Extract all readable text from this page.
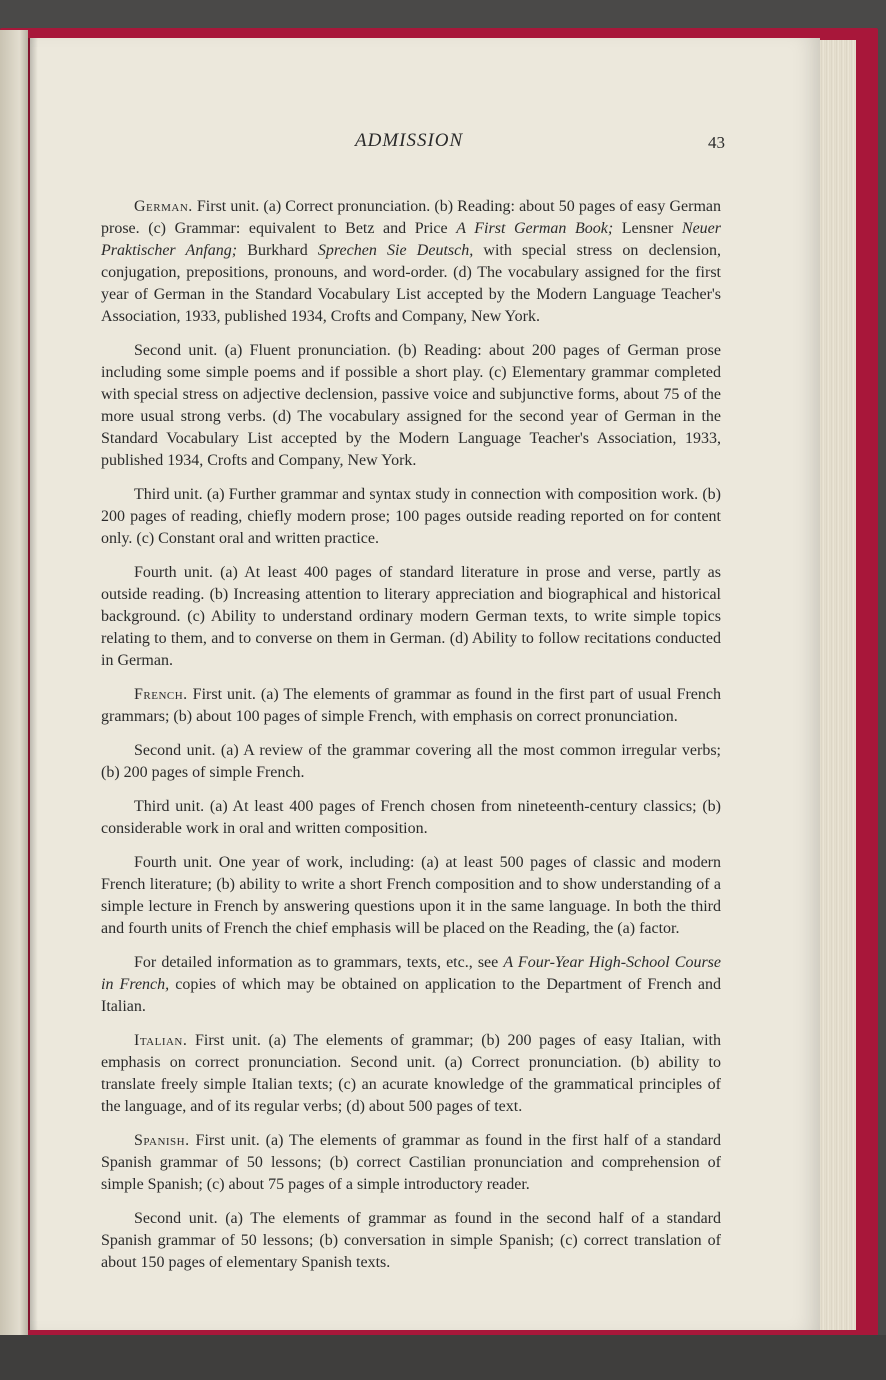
ADMISSION	43

German. First unit. (a) Correct pronunciation. (b) Reading: about 50 pages of easy German prose. (c) Grammar: equivalent to Betz and Price A First German Book; Lensner Neuer Praktischer Anfang; Burkhard Sprechen Sie Deutsch, with special stress on declension, conjugation, prepositions, pronouns, and word-order. (d) The vocabulary assigned for the first year of German in the Standard Vocabulary List accepted by the Modern Language Teacher's Association, 1933, published 1934, Crofts and Company, New York.

Second unit. (a) Fluent pronunciation. (b) Reading: about 200 pages of German prose including some simple poems and if possible a short play. (c) Elementary grammar completed with special stress on adjective declension, passive voice and subjunctive forms, about 75 of the more usual strong verbs. (d) The vocabulary assigned for the second year of German in the Standard Vocabulary List accepted by the Modern Language Teacher's Association, 1933, published 1934, Crofts and Company, New York.

Third unit. (a) Further grammar and syntax study in connection with composition work. (b) 200 pages of reading, chiefly modern prose; 100 pages outside reading reported on for content only. (c) Constant oral and written practice.

Fourth unit. (a) At least 400 pages of standard literature in prose and verse, partly as outside reading. (b) Increasing attention to literary appreciation and biographical and historical background. (c) Ability to understand ordinary modern German texts, to write simple topics relating to them, and to converse on them in German. (d) Ability to follow recitations conducted in German.

French. First unit. (a) The elements of grammar as found in the first part of usual French grammars; (b) about 100 pages of simple French, with emphasis on correct pronunciation.

Second unit. (a) A review of the grammar covering all the most common irregular verbs; (b) 200 pages of simple French.

Third unit. (a) At least 400 pages of French chosen from nineteenth-century classics; (b) considerable work in oral and written composition.

Fourth unit. One year of work, including: (a) at least 500 pages of classic and modern French literature; (b) ability to write a short French composition and to show understanding of a simple lecture in French by answering questions upon it in the same language. In both the third and fourth units of French the chief emphasis will be placed on the Reading, the (a) factor.

For detailed information as to grammars, texts, etc., see A Four-Year High-School Course in French, copies of which may be obtained on application to the Department of French and Italian.

Italian. First unit. (a) The elements of grammar; (b) 200 pages of easy Italian, with emphasis on correct pronunciation. Second unit. (a) Correct pronunciation. (b) ability to translate freely simple Italian texts; (c) an acurate knowledge of the grammatical principles of the language, and of its regular verbs; (d) about 500 pages of text.

Spanish. First unit. (a) The elements of grammar as found in the first half of a standard Spanish grammar of 50 lessons; (b) correct Castilian pronunciation and comprehension of simple Spanish; (c) about 75 pages of a simple introductory reader.

Second unit. (a) The elements of grammar as found in the second half of a standard Spanish grammar of 50 lessons; (b) conversation in simple Spanish; (c) correct translation of about 150 pages of elementary Spanish texts.
